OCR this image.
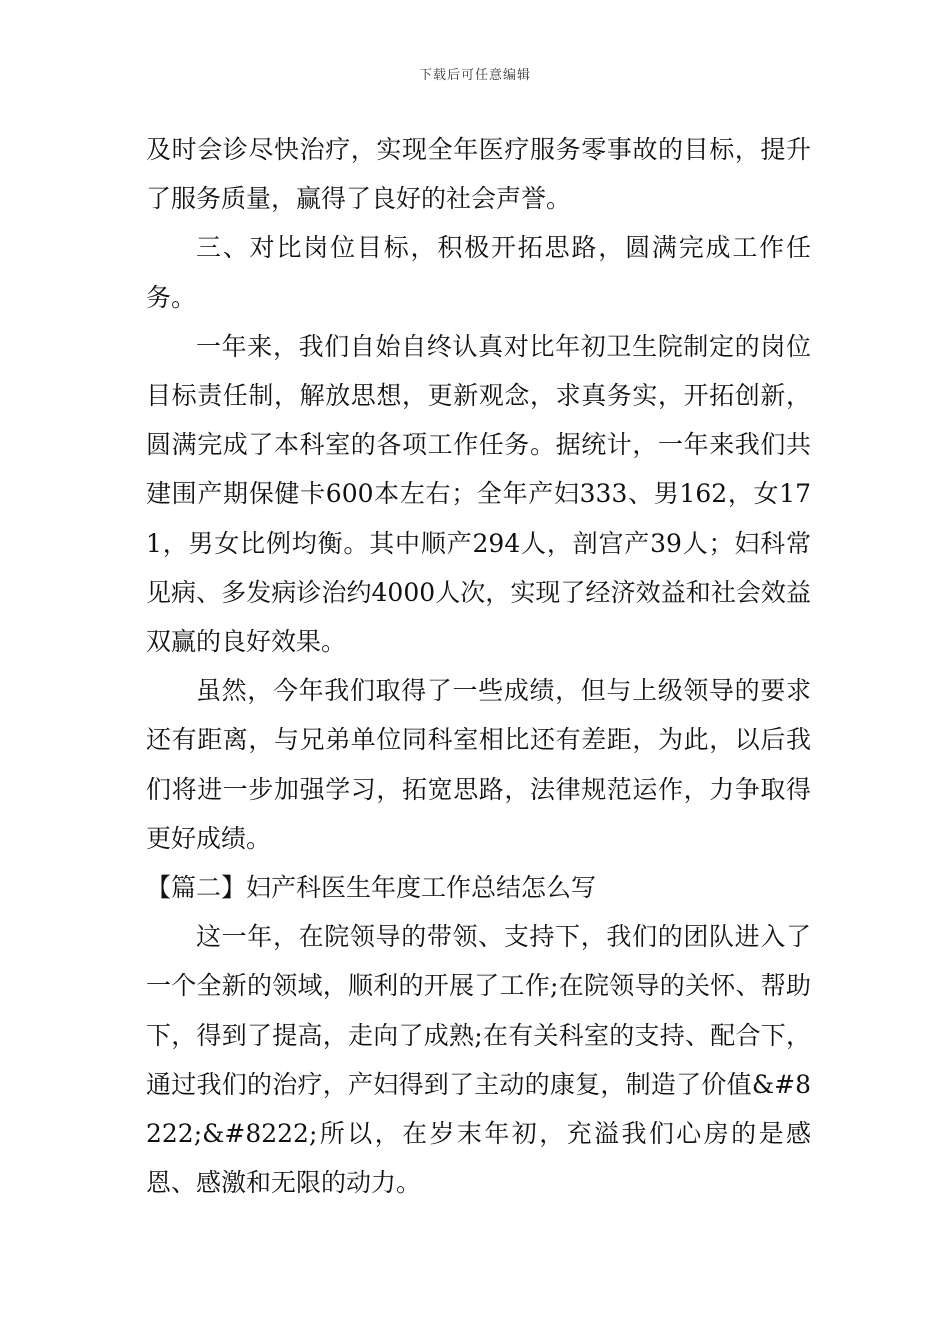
下载后可任意编辑

及时会诊尽快治疗，实现全年医疗服务零事故的目标，提升了服务质量，赢得了良好的社会声誉。

三、对比岗位目标，积极开拓思路，圆满完成工作任务。

一年来，我们自始自终认真对比年初卫生院制定的岗位目标责任制，解放思想，更新观念，求真务实，开拓创新，圆满完成了本科室的各项工作任务。据统计，一年来我们共建围产期保健卡600本左右；全年产妇333、男162，女171，男女比例均衡。其中顺产294人，剖宫产39人；妇科常见病、多发病诊治约4000人次，实现了经济效益和社会效益双赢的良好效果。

虽然，今年我们取得了一些成绩，但与上级领导的要求还有距离，与兄弟单位同科室相比还有差距，为此，以后我们将进一步加强学习，拓宽思路，法律规范运作，力争取得更好成绩。

【篇二】妇产科医生年度工作总结怎么写

这一年，在院领导的带领、支持下，我们的团队进入了一个全新的领域，顺利的开展了工作;在院领导的关怀、帮助下，得到了提高，走向了成熟;在有关科室的支持、配合下，通过我们的治疗，产妇得到了主动的康复，制造了价值&#8222;&#8222;所以，在岁末年初，充溢我们心房的是感恩、感激和无限的动力。
